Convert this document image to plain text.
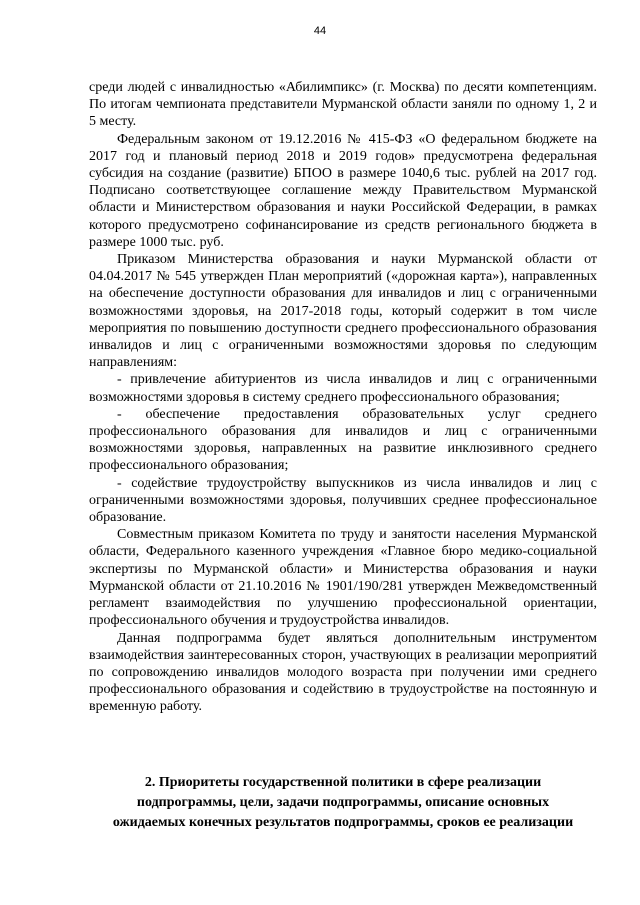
44

среди людей с инвалидностью «Абилимпикс» (г. Москва) по десяти компетенциям. По итогам чемпионата представители Мурманской области заняли по одному 1, 2 и 5 месту.

Федеральным законом от 19.12.2016 № 415-ФЗ «О федеральном бюджете на 2017 год и плановый период 2018 и 2019 годов» предусмотрена федеральная субсидия на создание (развитие) БПОО в размере 1040,6 тыс. рублей на 2017 год. Подписано соответствующее соглашение между Правительством Мурманской области и Министерством образования и науки Российской Федерации, в рамках которого предусмотрено софинансирование из средств регионального бюджета в размере 1000 тыс. руб.

Приказом Министерства образования и науки Мурманской области от 04.04.2017 № 545 утвержден План мероприятий («дорожная карта»), направленных на обеспечение доступности образования для инвалидов и лиц с ограниченными возможностями здоровья, на 2017-2018 годы, который содержит в том числе мероприятия по повышению доступности среднего профессионального образования инвалидов и лиц с ограниченными возможностями здоровья по следующим направлениям:

- привлечение абитуриентов из числа инвалидов и лиц с ограниченными возможностями здоровья в систему среднего профессионального образования;

- обеспечение предоставления образовательных услуг среднего профессионального образования для инвалидов и лиц с ограниченными возможностями здоровья, направленных на развитие инклюзивного среднего профессионального образования;

- содействие трудоустройству выпускников из числа инвалидов и лиц с ограниченными возможностями здоровья, получивших среднее профессиональное образование.

Совместным приказом Комитета по труду и занятости населения Мурманской области, Федерального казенного учреждения «Главное бюро медико-социальной экспертизы по Мурманской области» и Министерства образования и науки Мурманской области от 21.10.2016 № 1901/190/281 утвержден Межведомственный регламент взаимодействия по улучшению профессиональной ориентации, профессионального обучения и трудоустройства инвалидов.

Данная подпрограмма будет являться дополнительным инструментом взаимодействия заинтересованных сторон, участвующих в реализации мероприятий по сопровождению инвалидов молодого возраста при получении ими среднего профессионального образования и содействию в трудоустройстве на постоянную и временную работу.

2. Приоритеты государственной политики в сфере реализации
подпрограммы, цели, задачи подпрограммы, описание основных
ожидаемых конечных результатов подпрограммы, сроков ее реализации
